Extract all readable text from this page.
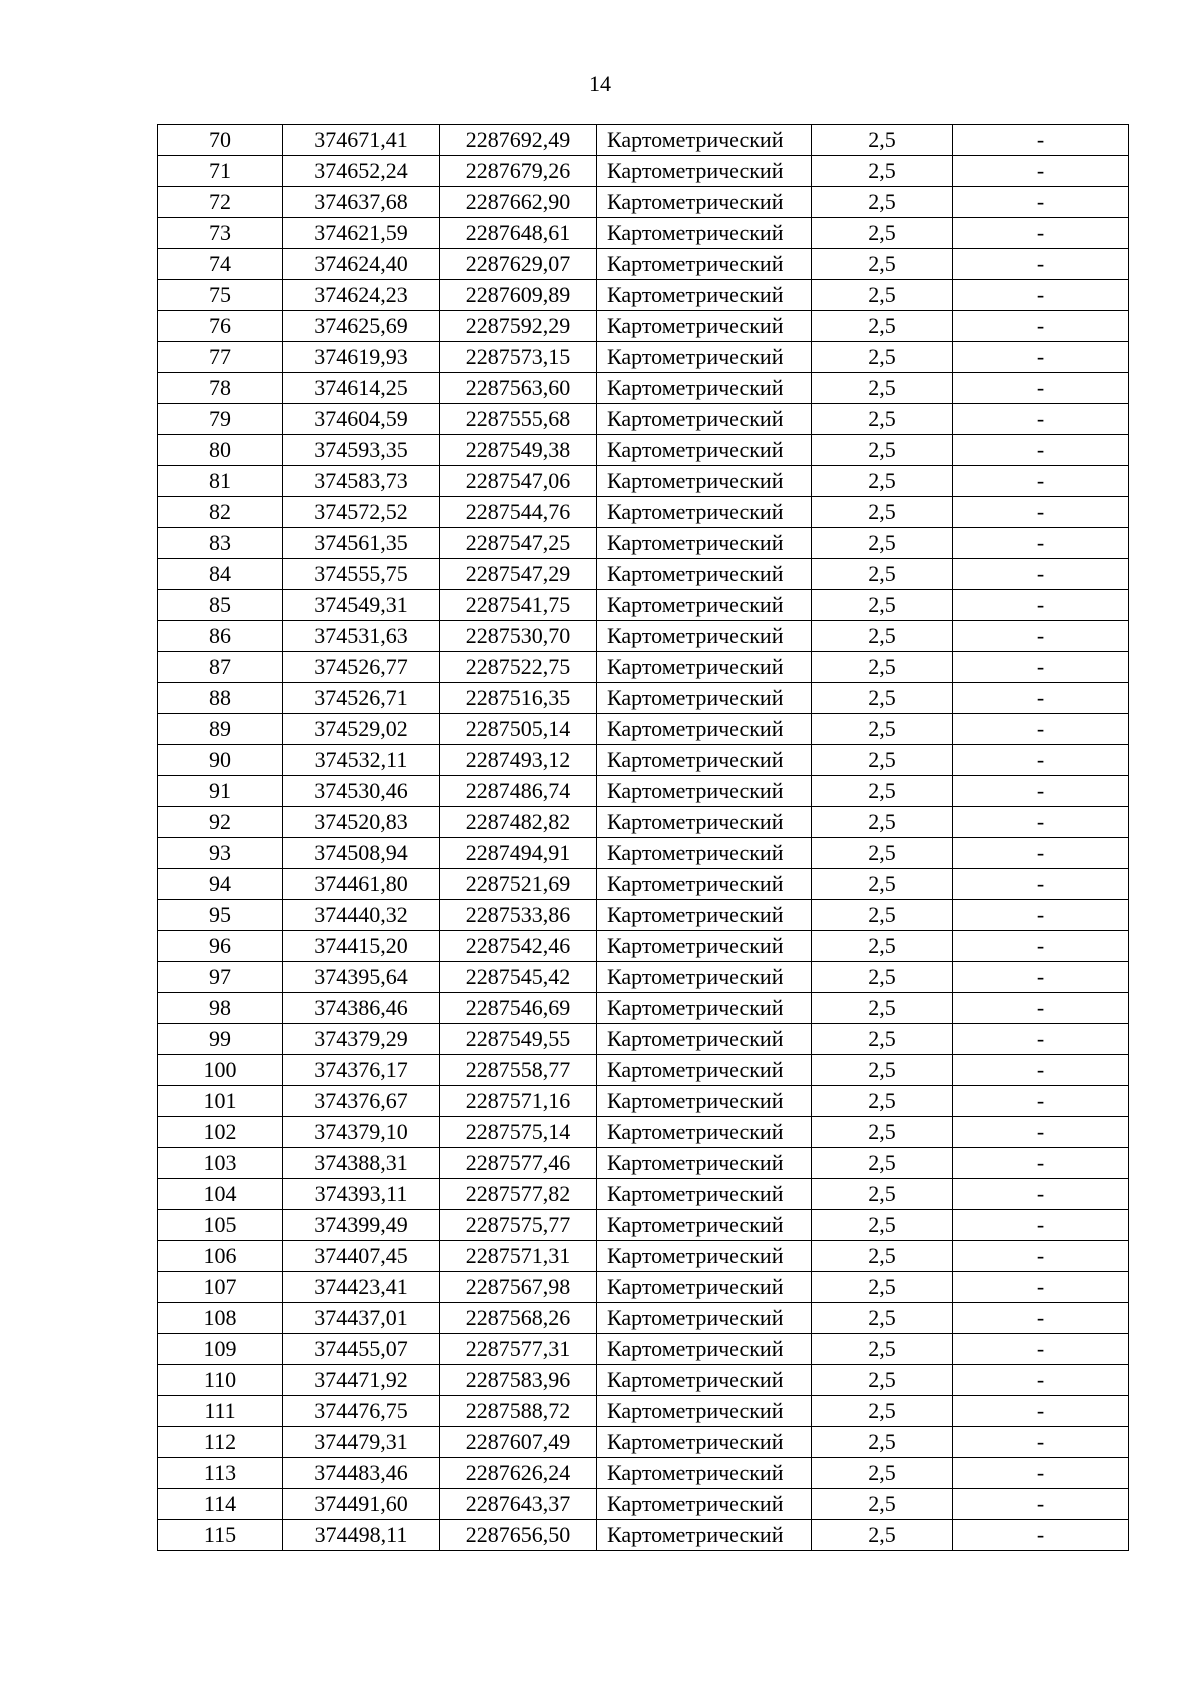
14
70	374671,41	2287692,49	Картометрический	2,5	-
71	374652,24	2287679,26	Картометрический	2,5	-
72	374637,68	2287662,90	Картометрический	2,5	-
73	374621,59	2287648,61	Картометрический	2,5	-
74	374624,40	2287629,07	Картометрический	2,5	-
75	374624,23	2287609,89	Картометрический	2,5	-
76	374625,69	2287592,29	Картометрический	2,5	-
77	374619,93	2287573,15	Картометрический	2,5	-
78	374614,25	2287563,60	Картометрический	2,5	-
79	374604,59	2287555,68	Картометрический	2,5	-
80	374593,35	2287549,38	Картометрический	2,5	-
81	374583,73	2287547,06	Картометрический	2,5	-
82	374572,52	2287544,76	Картометрический	2,5	-
83	374561,35	2287547,25	Картометрический	2,5	-
84	374555,75	2287547,29	Картометрический	2,5	-
85	374549,31	2287541,75	Картометрический	2,5	-
86	374531,63	2287530,70	Картометрический	2,5	-
87	374526,77	2287522,75	Картометрический	2,5	-
88	374526,71	2287516,35	Картометрический	2,5	-
89	374529,02	2287505,14	Картометрический	2,5	-
90	374532,11	2287493,12	Картометрический	2,5	-
91	374530,46	2287486,74	Картометрический	2,5	-
92	374520,83	2287482,82	Картометрический	2,5	-
93	374508,94	2287494,91	Картометрический	2,5	-
94	374461,80	2287521,69	Картометрический	2,5	-
95	374440,32	2287533,86	Картометрический	2,5	-
96	374415,20	2287542,46	Картометрический	2,5	-
97	374395,64	2287545,42	Картометрический	2,5	-
98	374386,46	2287546,69	Картометрический	2,5	-
99	374379,29	2287549,55	Картометрический	2,5	-
100	374376,17	2287558,77	Картометрический	2,5	-
101	374376,67	2287571,16	Картометрический	2,5	-
102	374379,10	2287575,14	Картометрический	2,5	-
103	374388,31	2287577,46	Картометрический	2,5	-
104	374393,11	2287577,82	Картометрический	2,5	-
105	374399,49	2287575,77	Картометрический	2,5	-
106	374407,45	2287571,31	Картометрический	2,5	-
107	374423,41	2287567,98	Картометрический	2,5	-
108	374437,01	2287568,26	Картометрический	2,5	-
109	374455,07	2287577,31	Картометрический	2,5	-
110	374471,92	2287583,96	Картометрический	2,5	-
111	374476,75	2287588,72	Картометрический	2,5	-
112	374479,31	2287607,49	Картометрический	2,5	-
113	374483,46	2287626,24	Картометрический	2,5	-
114	374491,60	2287643,37	Картометрический	2,5	-
115	374498,11	2287656,50	Картометрический	2,5	-
